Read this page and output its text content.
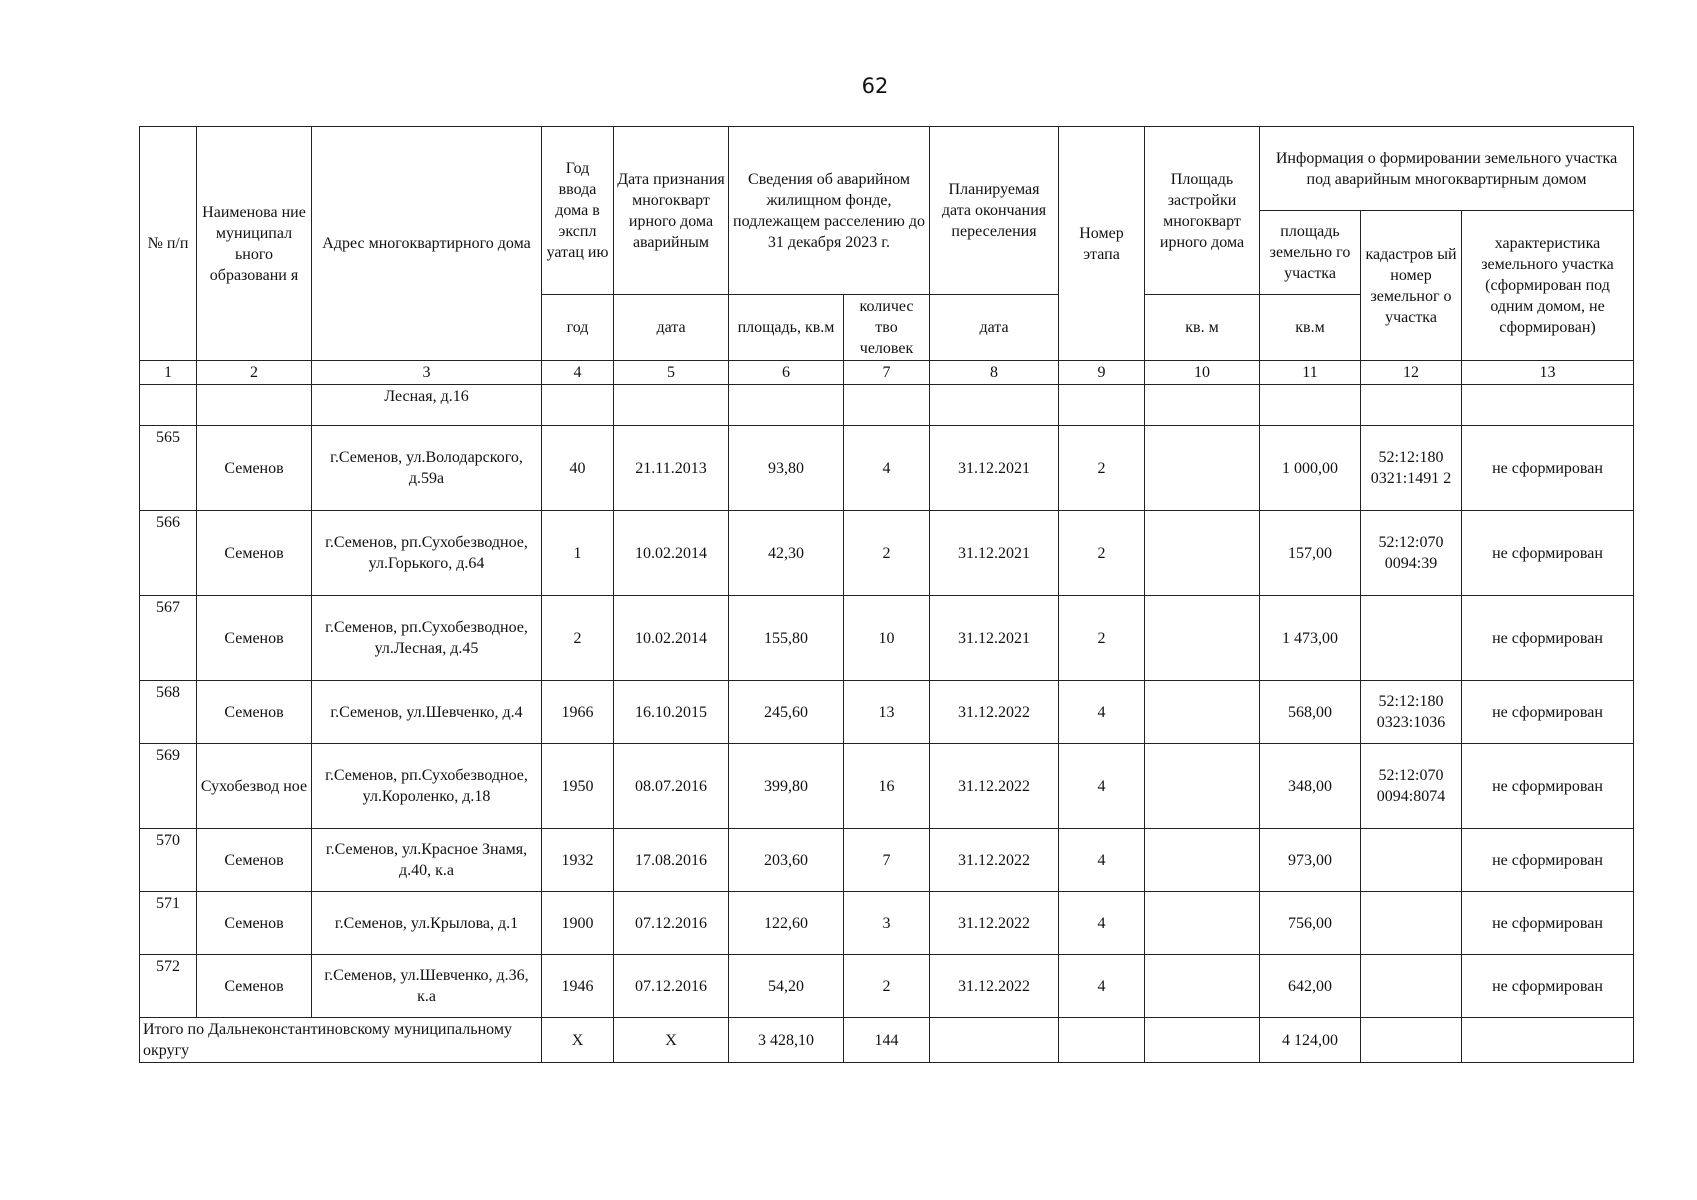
62
№ п/п	Наименова ние муниципал ьного образовани я	Адрес многоквартирного дома	Год ввода дома в экспл уатац ию	Дата признания многокварт ирного дома аварийным	Сведения об аварийном жилищном фонде, подлежащем расселению до 31 декабря 2023 г.		Планируемая дата окончания переселения	Номер этапа	Площадь застройки многокварт ирного дома	Информация о формировании земельного участка под аварийным многоквартирным домом		
										площадь земельно го участка	кадастров ый номер земельног о участка	характеристика земельного участка (сформирован под одним домом, не сформирован)
			год	дата	площадь, кв.м	количес тво человек	дата		кв. м	кв.м		
1	2	3	4	5	6	7	8	9	10	11	12	13
		Лесная, д.16										
565	Семенов	г.Семенов, ул.Володарского, д.59а	40	21.11.2013	93,80	4	31.12.2021	2		1 000,00	52:12:180 0321:1491 2	не сформирован
566	Семенов	г.Семенов, рп.Сухобезводное, ул.Горького, д.64	1	10.02.2014	42,30	2	31.12.2021	2		157,00	52:12:070 0094:39	не сформирован
567	Семенов	г.Семенов, рп.Сухобезводное, ул.Лесная, д.45	2	10.02.2014	155,80	10	31.12.2021	2		1 473,00		не сформирован
568	Семенов	г.Семенов, ул.Шевченко, д.4	1966	16.10.2015	245,60	13	31.12.2022	4		568,00	52:12:180 0323:1036	не сформирован
569	Сухобезвод ное	г.Семенов, рп.Сухобезводное, ул.Короленко, д.18	1950	08.07.2016	399,80	16	31.12.2022	4		348,00	52:12:070 0094:8074	не сформирован
570	Семенов	г.Семенов, ул.Красное Знамя, д.40, к.а	1932	17.08.2016	203,60	7	31.12.2022	4		973,00		не сформирован
571	Семенов	г.Семенов, ул.Крылова, д.1	1900	07.12.2016	122,60	3	31.12.2022	4		756,00		не сформирован
572	Семенов	г.Семенов, ул.Шевченко, д.36, к.а	1946	07.12.2016	54,20	2	31.12.2022	4		642,00		не сформирован
Итого по Дальнеконстантиновскому муниципальному округу			X	X	3 428,10	144				4 124,00		
